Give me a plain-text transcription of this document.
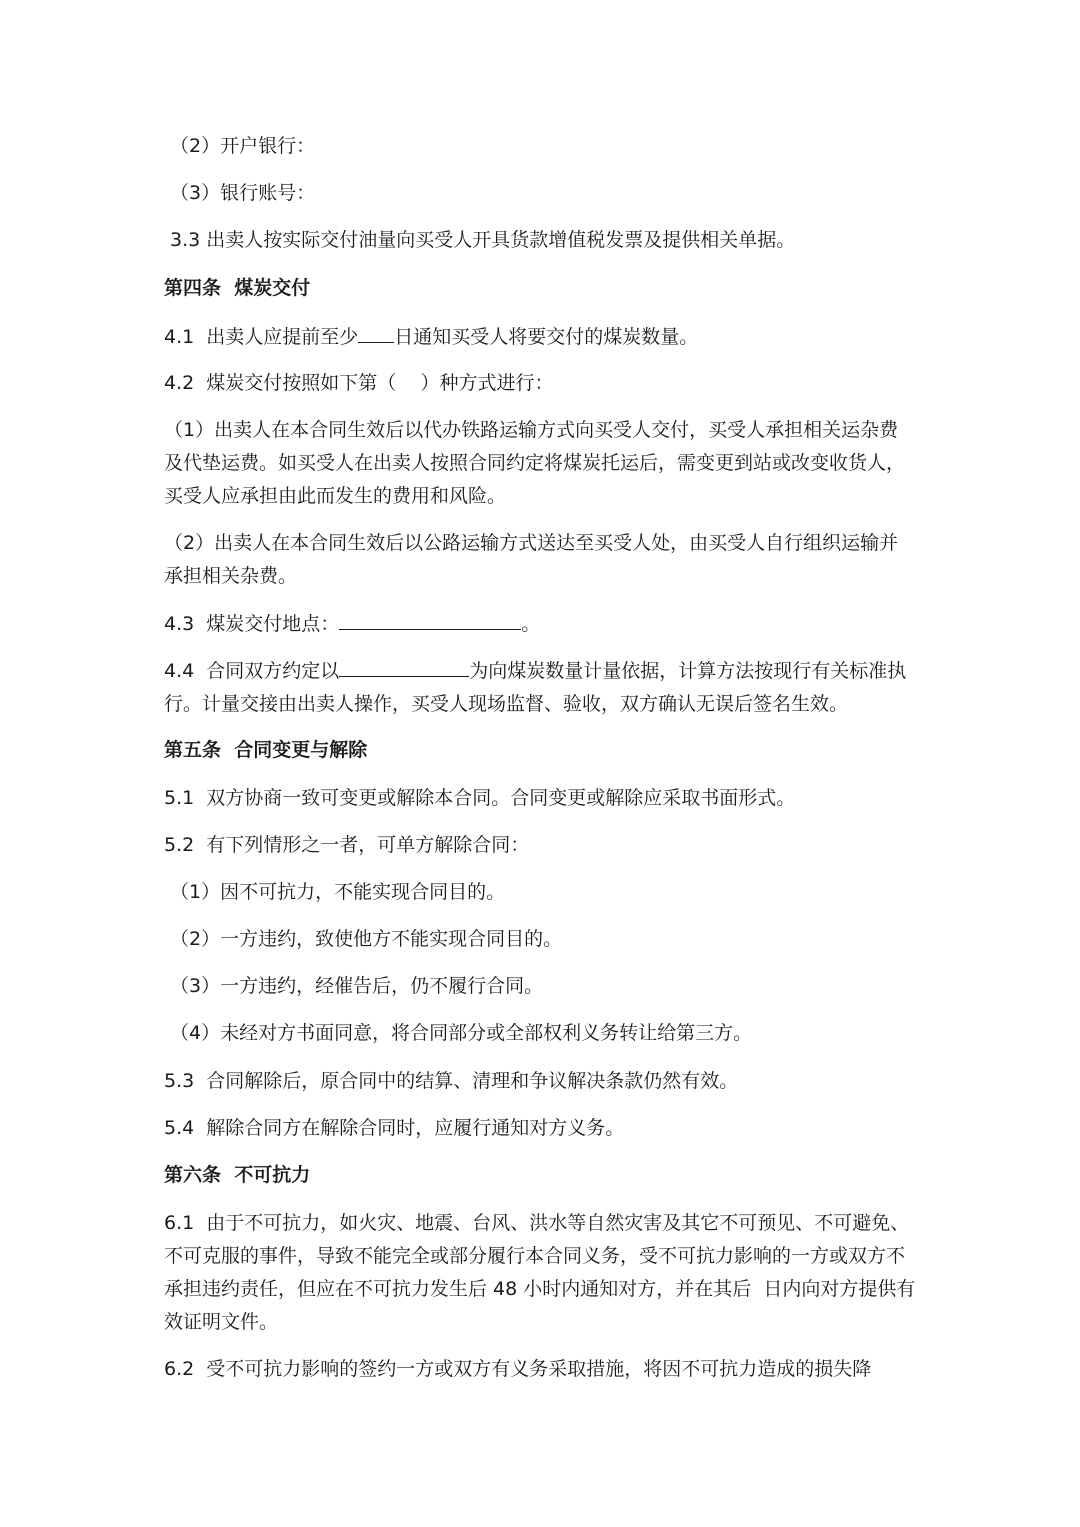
（2）开户银行：

（3）银行账号：

3.3 出卖人按实际交付油量向买受人开具货款增值税发票及提供相关单据。

第四条  煤炭交付

4.1  出卖人应提前至少 日通知买受人将要交付的煤炭数量。

4.2  煤炭交付按照如下第（    ）种方式进行：

（1）出卖人在本合同生效后以代办铁路运输方式向买受人交付，买受人承担相关运杂费及代垫运费。如买受人在出卖人按照合同约定将煤炭托运后，需变更到站或改变收货人，买受人应承担由此而发生的费用和风险。

（2）出卖人在本合同生效后以公路运输方式送达至买受人处，由买受人自行组织运输并承担相关杂费。

4.3  煤炭交付地点：	。

4.4  合同双方约定以	为向煤炭数量计量依据，计算方法按现行有关标准执行。计量交接由出卖人操作，买受人现场监督、验收，双方确认无误后签名生效。

第五条  合同变更与解除

5.1  双方协商一致可变更或解除本合同。合同变更或解除应采取书面形式。

5.2  有下列情形之一者，可单方解除合同：

（1）因不可抗力，不能实现合同目的。

（2）一方违约，致使他方不能实现合同目的。

（3）一方违约，经催告后，仍不履行合同。

（4）未经对方书面同意，将合同部分或全部权利义务转让给第三方。

5.3  合同解除后，原合同中的结算、清理和争议解决条款仍然有效。

5.4  解除合同方在解除合同时，应履行通知对方义务。

第六条  不可抗力

6.1  由于不可抗力，如火灾、地震、台风、洪水等自然灾害及其它不可预见、不可避免、不可克服的事件，导致不能完全或部分履行本合同义务，受不可抗力影响的一方或双方不承担违约责任，但应在不可抗力发生后 48 小时内通知对方，并在其后  日内向对方提供有效证明文件。

6.2  受不可抗力影响的签约一方或双方有义务采取措施，将因不可抗力造成的损失降
